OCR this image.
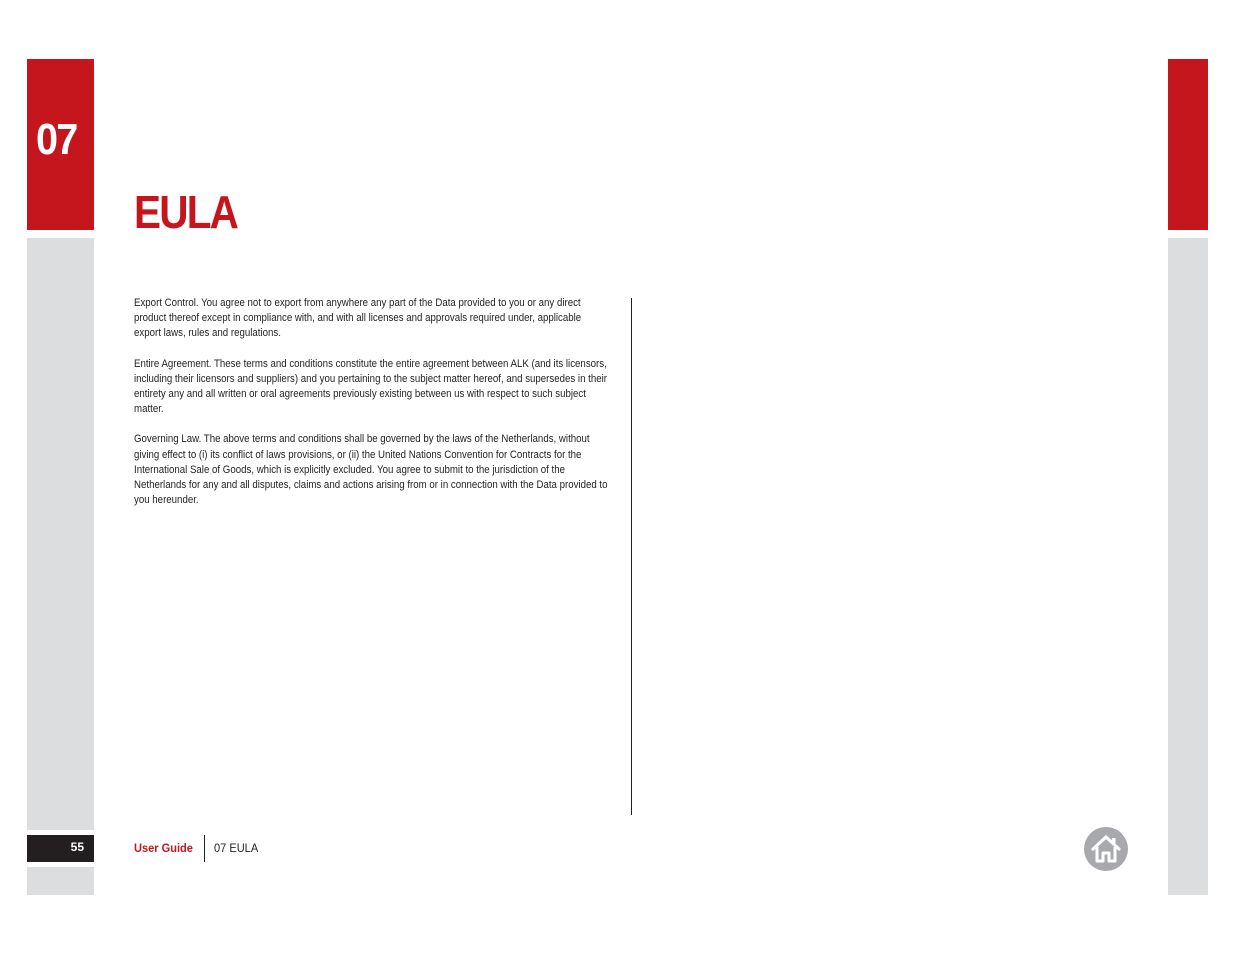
07
55
EULA

Export Control. You agree not to export from anywhere any part of the Data provided to you or any direct product thereof except in compliance with, and with all licenses and approvals required under, applicable export laws, rules and regulations.

Entire Agreement. These terms and conditions constitute the entire agreement between ALK (and its licensors, including their licensors and suppliers) and you pertaining to the subject matter hereof, and supersedes in their entirety any and all written or oral agreements previously existing between us with respect to such subject matter.

Governing Law. The above terms and conditions shall be governed by the laws of the Netherlands, without giving effect to (i) its conflict of laws provisions, or (ii) the United Nations Convention for Contracts for the International Sale of Goods, which is explicitly excluded. You agree to submit to the jurisdiction of the Netherlands for any and all disputes, claims and actions arising from or in connection with the Data provided to you hereunder.

User Guide 07 EULA
